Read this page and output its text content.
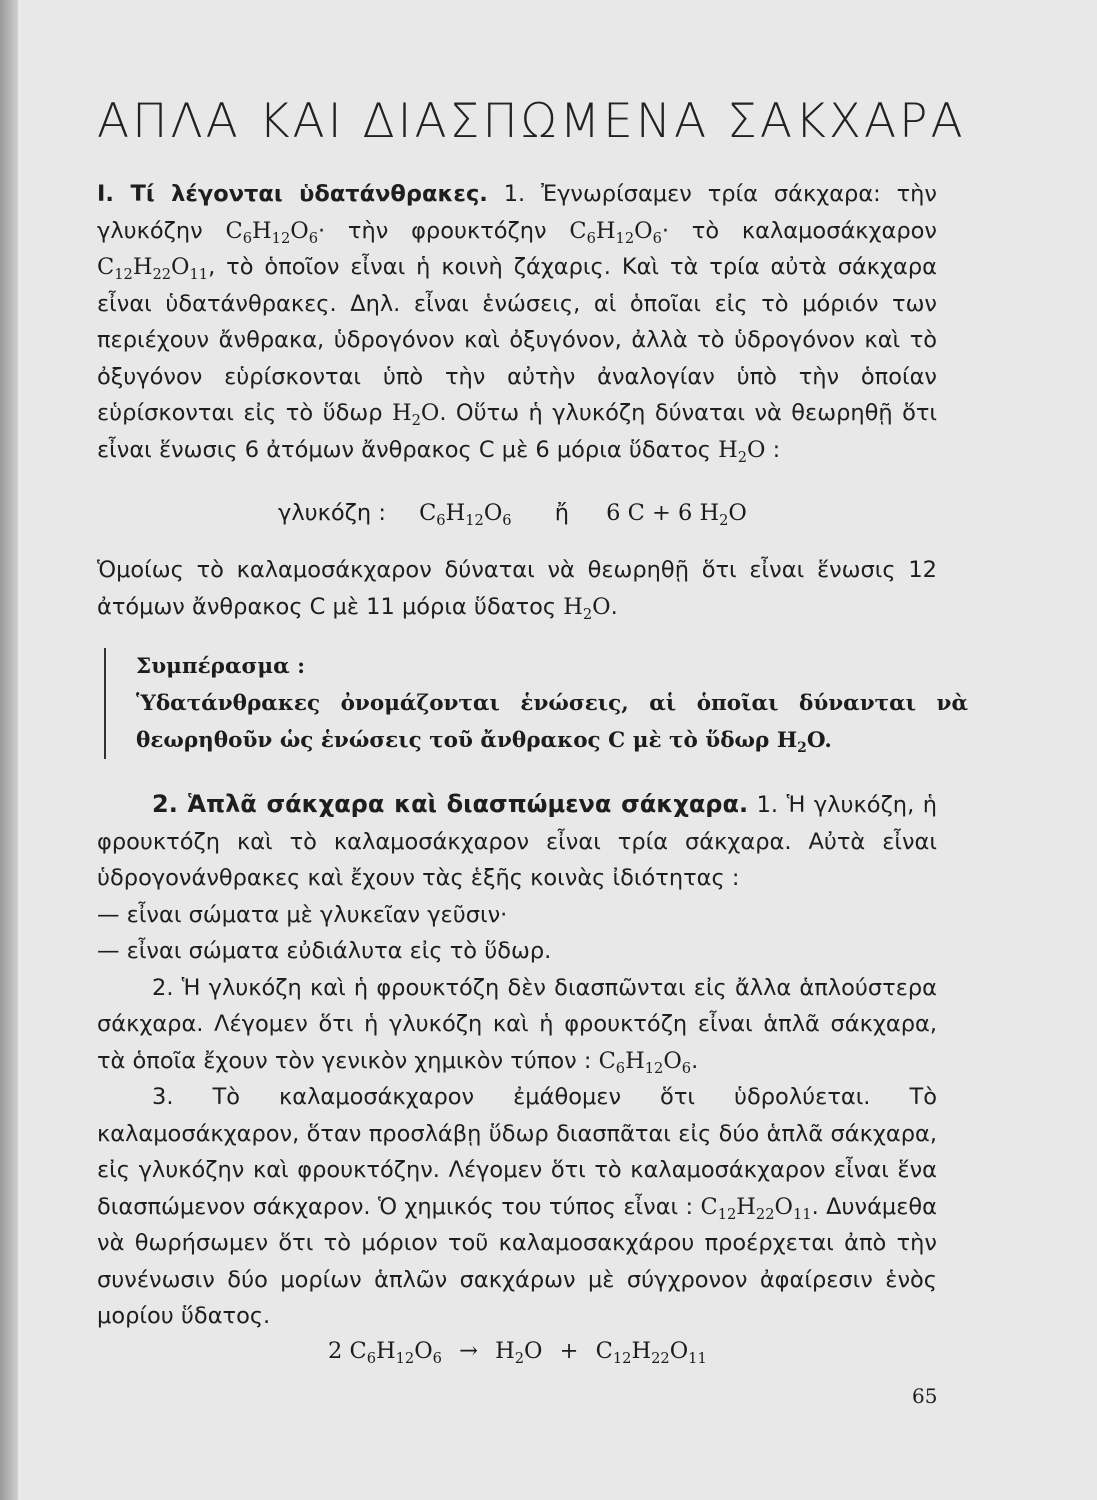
ΑΠΛΑ ΚΑΙ ΔΙΑΣΠΩΜΕΝΑ ΣΑΚΧΑΡΑ

Ι. Τί λέγονται ὑδατάνθρακες. 1. Ἐγνωρίσαμεν τρία σάκχαρα: τὴν γλυκόζην $C_6H_{12}O_6\cdot$ τὴν φρουκτόζην $C_6H_{12}O_6\cdot$ τὸ καλαμοσάκχαρον $C_{12}H_{22}O_{11}$, τὸ ὁποῖον εἶναι ἡ κοινὴ ζάχαρις. Καὶ τὰ τρία αὐτὰ σάκχαρα εἶναι ὑδατάνθρακες. Δηλ. εἶναι ἑνώσεις, αἱ ὁποῖαι εἰς τὸ μόριόν των περιέχουν ἄνθρακα, ὑδρογόνον καὶ ὀξυγόνον, ἀλλὰ τὸ ὑδρογόνον καὶ τὸ ὀξυγόνον εὑρίσκονται ὑπὸ τὴν αὐτὴν ἀναλογίαν ὑπὸ τὴν ὁποίαν εὑρίσκονται εἰς τὸ ὕδωρ $H_2O$. Οὕτω ἡ γλυκόζη δύναται νὰ θεωρηθῇ ὅτι εἶναι ἕνωσις 6 ἀτόμων ἄνθρακος C μὲ 6 μόρια ὕδατος $H_2O$ :

γλυκόζη : $C_6H_{12}O_6$ ἤ 6 C + 6 $H_2O$

Ὁμοίως τὸ καλαμοσάκχαρον δύναται νὰ θεωρηθῇ ὅτι εἶναι ἕνωσις 12 ἀτόμων ἄνθρακος C μὲ 11 μόρια ὕδατος $H_2O$.

Συμπέρασμα :

Ὑδατάνθρακες ὀνομάζονται ἑνώσεις, αἱ ὁποῖαι δύνανται νὰ θεωρηθοῦν ὡς ἑνώσεις τοῦ ἄνθρακος C μὲ τὸ ὕδωρ $H_2O$.

2. Ἁπλᾶ σάκχαρα καὶ διασπώμενα σάκχαρα. 1. Ἡ γλυκόζη, ἡ φρουκτόζη καὶ τὸ καλαμοσάκχαρον εἶναι τρία σάκχαρα. Αὐτὰ εἶναι ὑδρογονάνθρακες καὶ ἔχουν τὰς ἑξῆς κοινὰς ἰδιότητας :

— εἶναι σώματα μὲ γλυκεῖαν γεῦσιν·

— εἶναι σώματα εὐδιάλυτα εἰς τὸ ὕδωρ.

2. Ἡ γλυκόζη καὶ ἡ φρουκτόζη δὲν διασπῶνται εἰς ἄλλα ἁπλούστερα σάκχαρα. Λέγομεν ὅτι ἡ γλυκόζη καὶ ἡ φρουκτόζη εἶναι ἁπλᾶ σάκχαρα, τὰ ὁποῖα ἔχουν τὸν γενικὸν χημικὸν τύπον : $C_6H_{12}O_6$.

3. Τὸ καλαμοσάκχαρον ἐμάθομεν ὅτι ὑδρολύεται. Τὸ καλαμοσάκχαρον, ὅταν προσλάβῃ ὕδωρ διασπᾶται εἰς δύο ἁπλᾶ σάκχαρα, εἰς γλυκόζην καὶ φρουκτόζην. Λέγομεν ὅτι τὸ καλαμοσάκχαρον εἶναι ἕνα διασπώμενον σάκχαρον. Ὁ χημικός του τύπος εἶναι : $C_{12}H_{22}O_{11}$. Δυνάμεθα νὰ θωρήσωμεν ὅτι τὸ μόριον τοῦ καλαμοσακχάρου προέρχεται ἀπὸ τὴν συνένωσιν δύο μορίων ἁπλῶν σακχάρων μὲ σύγχρονον ἀφαίρεσιν ἑνὸς μορίου ὕδατος.

2 $C_6H_{12}O_6 \to H_2O + C_{12}H_{22}O_{11}$
65
